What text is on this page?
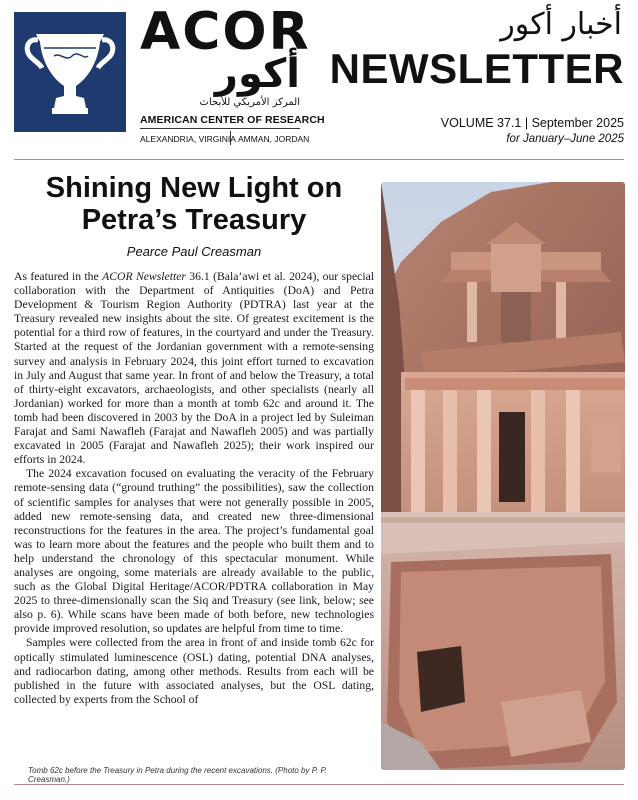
ACOR
أكور
المركز الأمريكي للأبحاث
AMERICAN CENTER OF RESEARCH
ALEXANDRIA, VIRGINIA AMMAN, JORDAN
أخبار أكور
NEWSLETTER
VOLUME 37.1 | September 2025
for January–June 2025
Shining New Light on
Petra’s Treasury
Pearce Paul Creasman

As featured in the ACOR Newsletter 36.1 (Bala’awi et al. 2024), our special collaboration with the Department of Antiquities (DoA) and Petra Development & Tourism Region Authority (PDTRA) last year at the Treasury revealed new insights about the site. Of greatest excitement is the potential for a third row of features, in the courtyard and under the Treasury. Started at the request of the Jordanian government with a remote-sensing survey and analysis in February 2024, this joint effort turned to excavation in July and August that same year. In front of and below the Treasury, a total of thirty-eight excavators, archaeologists, and other specialists (nearly all Jordanian) worked for more than a month at tomb 62c and around it. The tomb had been discovered in 2003 by the DoA in a project led by Suleiman Farajat and Sami Nawafleh (Farajat and Nawafleh 2005) and was partially excavated in 2005 (Farajat and Nawafleh 2025); their work inspired our efforts in 2024.

The 2024 excavation focused on evaluating the veracity of the February remote-sensing data (“ground truthing” the possibilities), saw the collection of scientific samples for analyses that were not generally possible in 2005, added new remote-sensing data, and created new three-dimensional reconstructions for the features in the area. The project’s fundamental goal was to learn more about the features and the people who built them and to help understand the chronology of this spectacular monument. While analyses are ongoing, some materials are already available to the public, such as the Global Digital Heritage/ACOR/PDTRA collaboration in May 2025 to three-dimensionally scan the Siq and Treasury (see link, below; see also p. 6). While scans have been made of both before, new technologies provide improved resolution, so updates are helpful from time to time.

Samples were collected from the area in front of and inside tomb 62c for optically stimulated luminescence (OSL) dating, potential DNA analyses, and radiocarbon dating, among other methods. Results from each will be published in the future with associated analyses, but the OSL dating, collected by experts from the School of

Tomb 62c before the Treasury in Petra during the recent excavations. (Photo by P. P. Creasman.)
